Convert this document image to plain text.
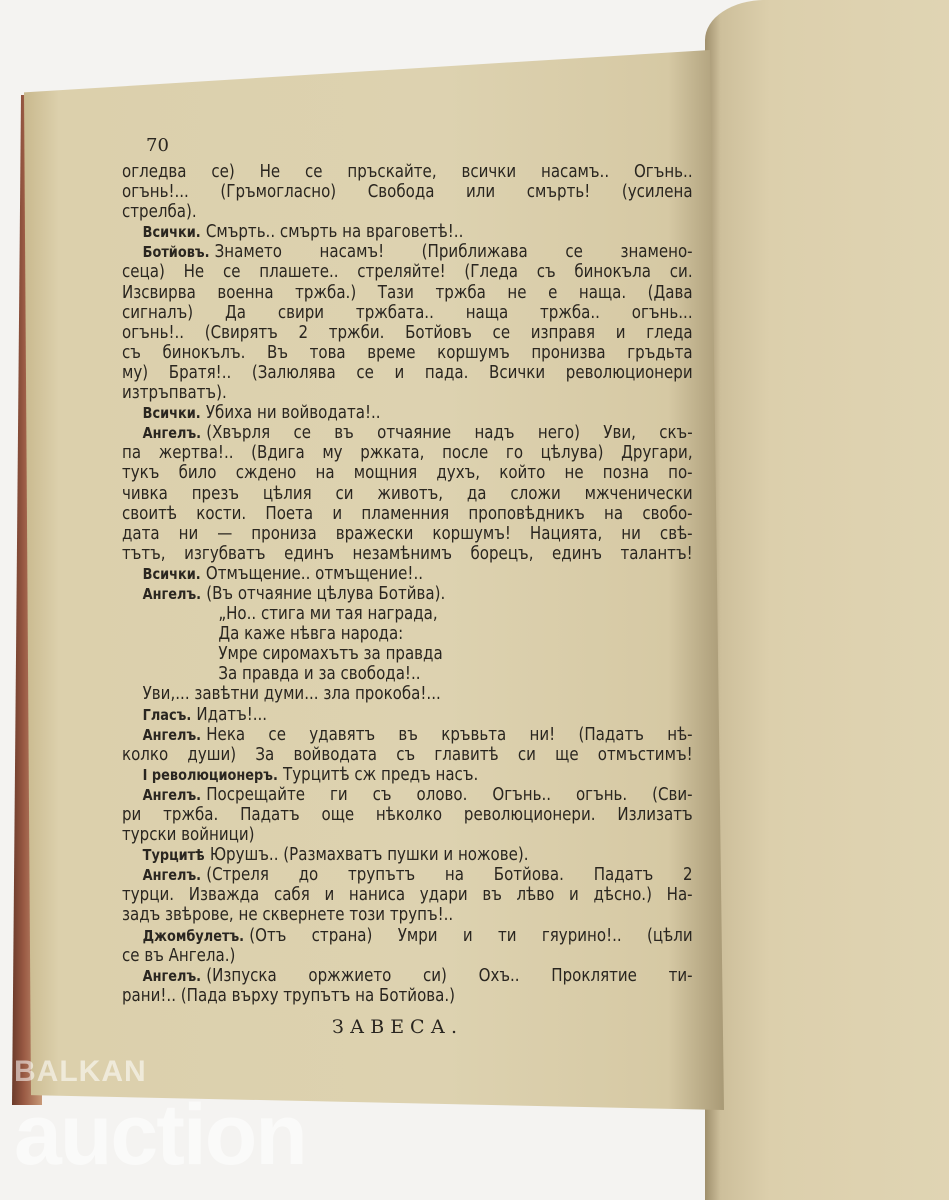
оглeдва се) Не се пръскайте, всички насамъ.. Огънь..
огънь!... (Гръмогласно) Свобода или смърть! (усилена
стрелба).
Всички. Смърть.. смърть на враговетѣ!..
Ботйовъ. Знамето насамъ! (Приближава се знамено-
сеца) Не се плашете.. стреляйте! (Гледа съ бинокъла си.
Изсвирва военна тржба.) Тази тржба не е наща. (Дава
сигналъ) Да свири тржбата.. наща тржба.. огънь...
огънь!.. (Свирятъ 2 тржби. Ботйовъ се изправя и гледа
съ бинокълъ. Въ това време коршумъ пронизва гръдьта
му) Братя!.. (Залюлява се и пада. Всички революционери
изтръпватъ).
Всички. Убиха ни войводата!..
Ангелъ. (Хвърля се въ отчаяние надъ него) Уви, скъ-
па жертва!.. (Вдига му ржката, после го цѣлува) Другари,
тукъ било сждено на мощния духъ, който не позна по-
чивка презъ цѣлия си животъ, да сложи мжченически
своитѣ кости. Поета и пламенния проповѣдникъ на свобо-
дата ни — прониза вражески коршумъ! Нацията, ни свѣ-
тътъ, изгубватъ единъ незамѣнимъ борецъ, единъ талантъ!
Всички. Отмъщение.. отмъщение!..
Ангелъ. (Въ отчаяние цѣлува Ботйва).
„Но.. стига ми тая награда,
Да каже нѣвга народа:
Умре сиромахътъ за правда
За правда и за свобода!..
Уви,... завѣтни думи... зла прокоба!...
Гласъ. Идатъ!...
Ангелъ. Нека се удавятъ въ кръвьта ни! (Падатъ нѣ-
колко души) За войводата съ главитѣ си ще отмъстимъ!
I революционеръ. Турцитѣ сж предъ насъ.
Ангелъ. Посрещайте ги съ олово. Огънь.. огънь. (Сви-
ри тржба. Падатъ още нѣколко революционери. Излизатъ
турски войници)
Турцитѣ Юрушъ.. (Размахватъ пушки и ножове).
Ангелъ. (Стреля до трупътъ на Ботйова. Падатъ 2
турци. Изважда сабя и наниса удари въ лѣво и дѣсно.) На-
задъ звѣрове, не сквернете този трупъ!..
Джомбулетъ. (Отъ страна) Умри и ти гяурино!.. (цѣли
се въ Ангела.)
Ангелъ. (Изпуска оржжието си) Охъ.. Проклятие ти-
рани!.. (Пада върху трупътъ на Ботйова.)
70
ЗАВЕСА.
BALKAN
auction
